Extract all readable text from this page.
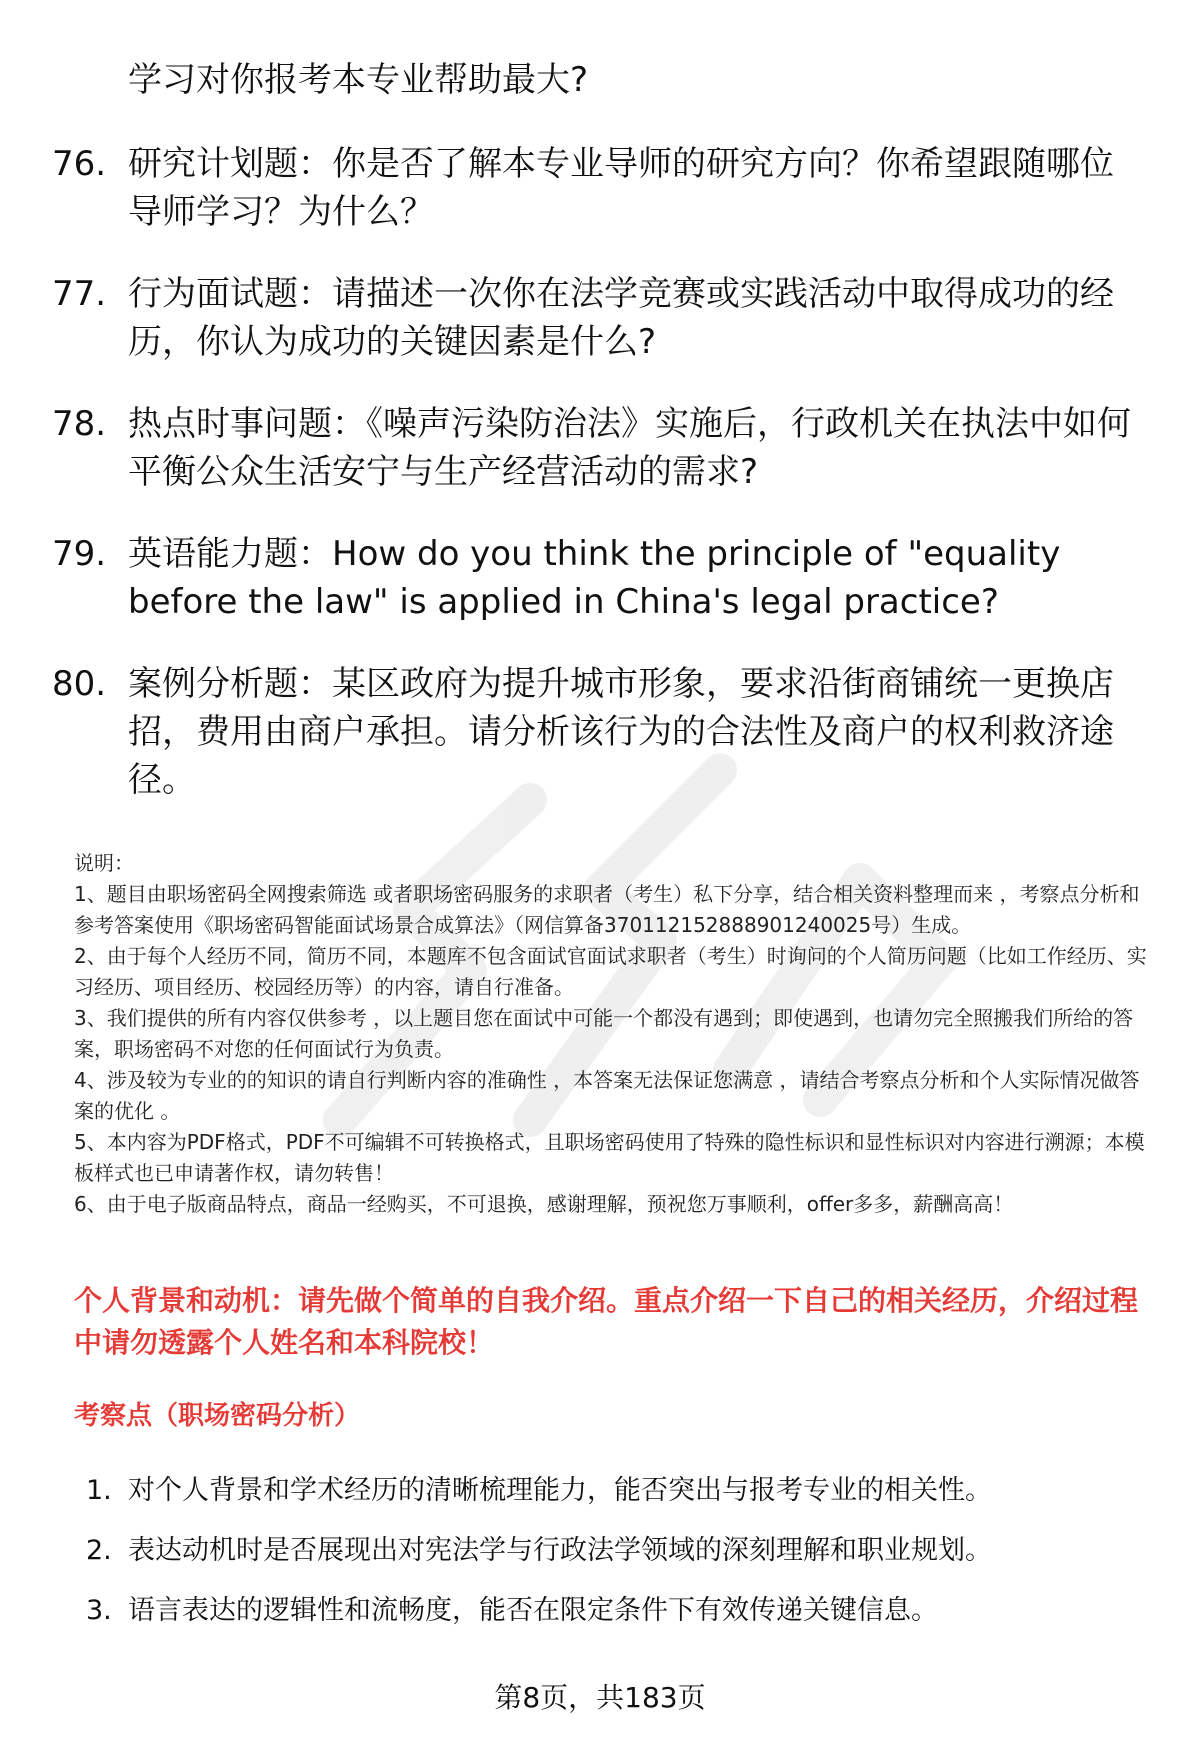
学习对你报考本专业帮助最大?

76. 研究计划题：你是否了解本专业导师的研究方向？你希望跟随哪位导师学习？为什么？

77. 行为面试题：请描述一次你在法学竞赛或实践活动中取得成功的经历，你认为成功的关键因素是什么?

78. 热点时事问题：《噪声污染防治法》实施后，行政机关在执法中如何平衡公众生活安宁与生产经营活动的需求?

79. 英语能力题：How do you think the principle of "equality before the law" is applied in China's legal practice?

80. 案例分析题：某区政府为提升城市形象，要求沿街商铺统一更换店招，费用由商户承担。请分析该行为的合法性及商户的权利救济途径。

说明：

1、题目由职场密码全网搜索筛选 或者职场密码服务的求职者（考生）私下分享，结合相关资料整理而来 ，考察点分析和参考答案使用《职场密码智能面试场景合成算法》（网信算备370112152888901240025号）生成。

2、由于每个人经历不同，简历不同，本题库不包含面试官面试求职者（考生）时询问的个人简历问题（比如工作经历、实习经历、项目经历、校园经历等）的内容，请自行准备。

3、我们提供的所有内容仅供参考 ，以上题目您在面试中可能一个都没有遇到；即使遇到，也请勿完全照搬我们所给的答案，职场密码不对您的任何面试行为负责。

4、涉及较为专业的的知识的请自行判断内容的准确性 ，本答案无法保证您满意 ，请结合考察点分析和个人实际情况做答案的优化 。

5、本内容为PDF格式，PDF不可编辑不可转换格式，且职场密码使用了特殊的隐性标识和显性标识对内容进行溯源；本模板样式也已申请著作权，请勿转售！

6、由于电子版商品特点，商品一经购买，不可退换，感谢理解，预祝您万事顺利，offer多多，薪酬高高！

个人背景和动机：请先做个简单的自我介绍。重点介绍一下自己的相关经历，介绍过程中请勿透露个人姓名和本科院校！

考察点（职场密码分析）

1. 对个人背景和学术经历的清晰梳理能力，能否突出与报考专业的相关性。
2. 表达动机时是否展现出对宪法学与行政法学领域的深刻理解和职业规划。
3. 语言表达的逻辑性和流畅度，能否在限定条件下有效传递关键信息。

第8页，共183页
